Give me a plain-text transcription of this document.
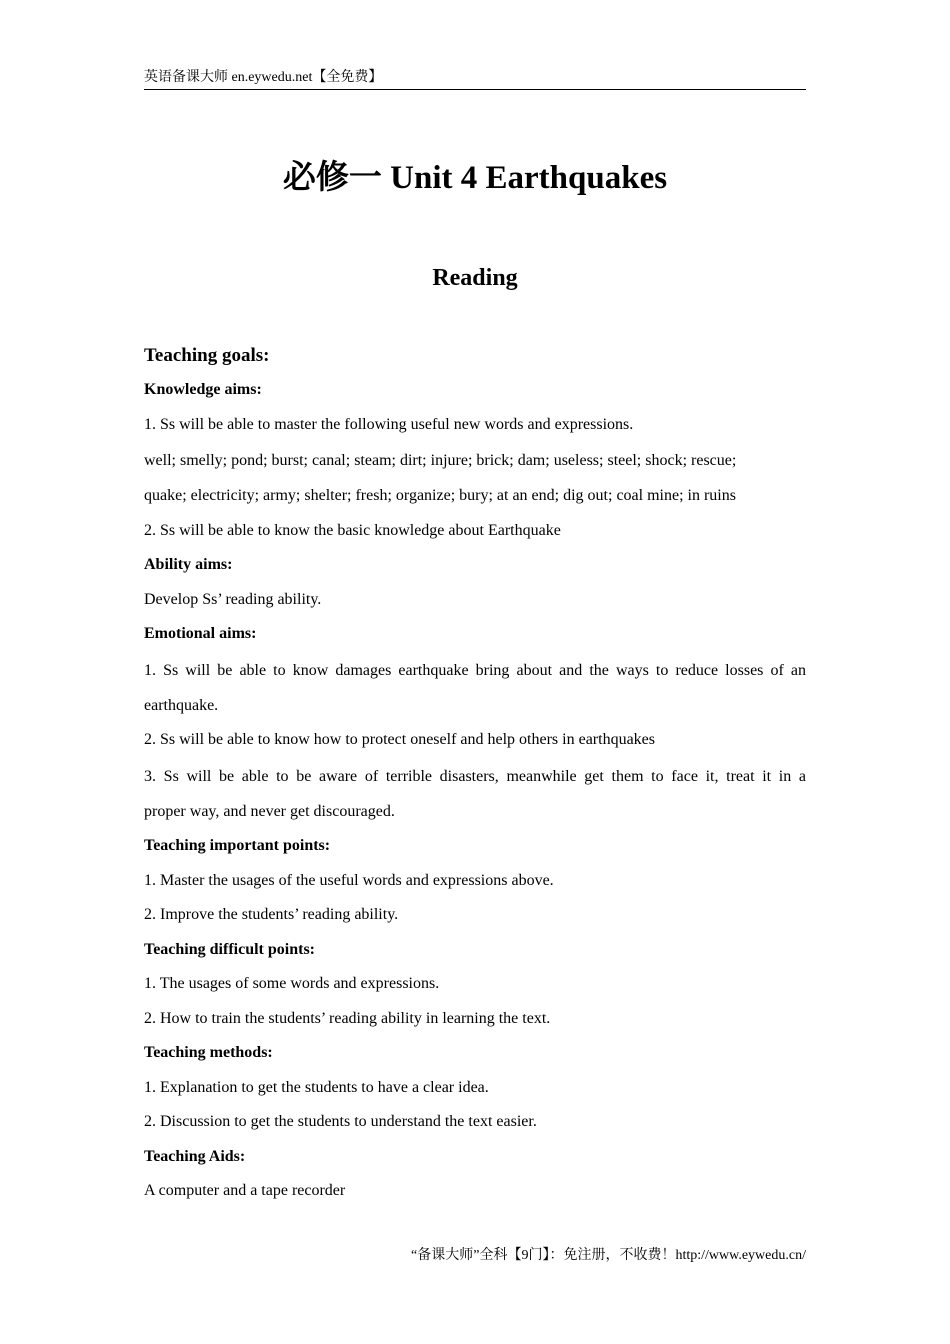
英语备课大师 en.eywedu.net【全免费】
必修一 Unit 4 Earthquakes
Reading

Teaching goals:

Knowledge aims:

1. Ss will be able to master the following useful new words and expressions.

well; smelly; pond; burst; canal; steam; dirt; injure; brick; dam; useless; steel; shock; rescue;

quake; electricity; army; shelter; fresh; organize; bury; at an end; dig out; coal mine; in ruins

2. Ss will be able to know the basic knowledge about Earthquake

Ability aims:

Develop Ss’ reading ability.

Emotional aims:

1. Ss will be able to know damages earthquake bring about and the ways to reduce losses of an

earthquake.

2. Ss will be able to know how to protect oneself and help others in earthquakes

3. Ss will be able to be aware of terrible disasters, meanwhile get them to face it, treat it in a

proper way, and never get discouraged.

Teaching important points:

1. Master the usages of the useful words and expressions above.

2. Improve the students’ reading ability.

Teaching difficult points:

1. The usages of some words and expressions.

2. How to train the students’ reading ability in learning the text.

Teaching methods:

1. Explanation to get the students to have a clear idea.

2. Discussion to get the students to understand the text easier.

Teaching Aids:

A computer and a tape recorder

“备课大师”全科【9门】：免注册，不收费！http://www.eywedu.cn/
